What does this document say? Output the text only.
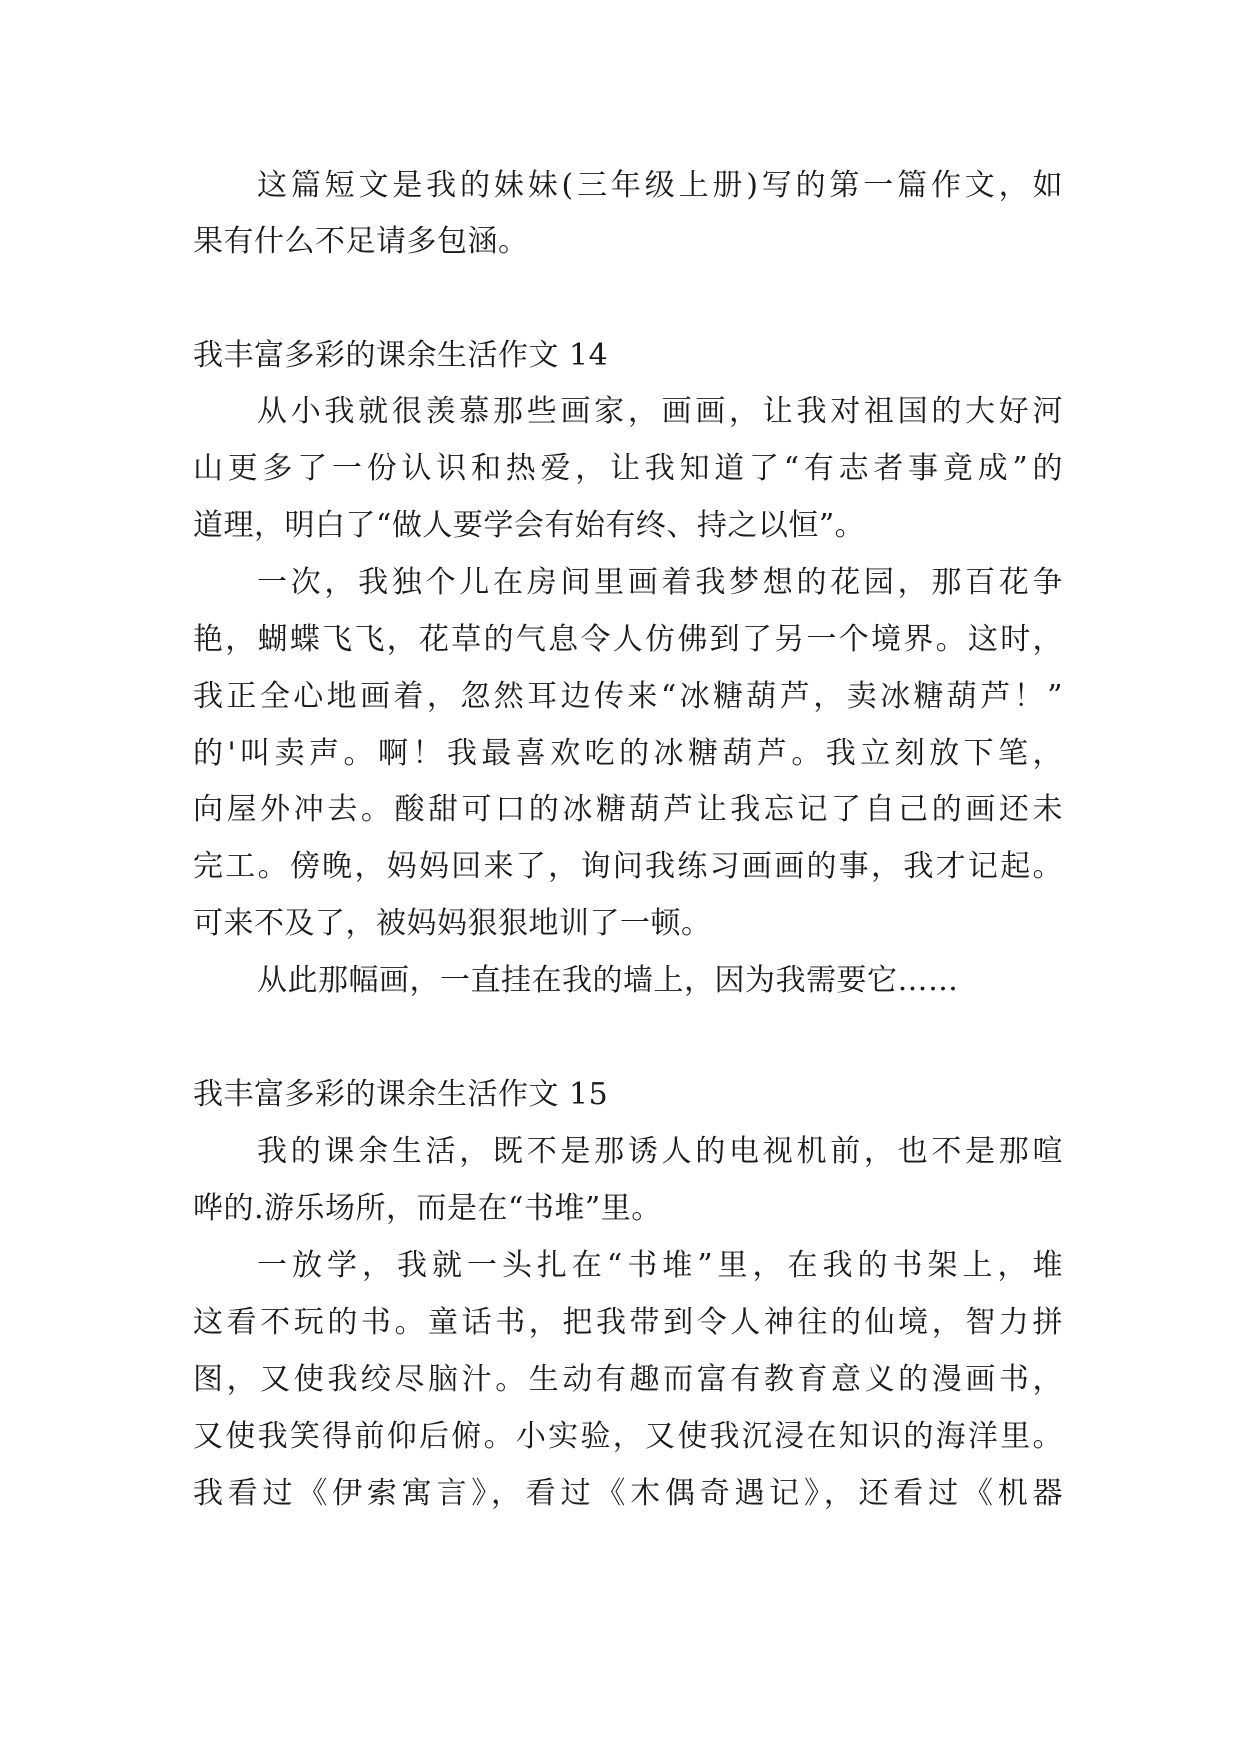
这篇短文是我的妹妹(三年级上册)写的第一篇作文，如
果有什么不足请多包涵。
我丰富多彩的课余生活作文 14
从小我就很羡慕那些画家，画画，让我对祖国的大好河
山更多了一份认识和热爱，让我知道了“有志者事竟成”的
道理，明白了“做人要学会有始有终、持之以恒”。
一次，我独个儿在房间里画着我梦想的花园，那百花争
艳，蝴蝶飞飞，花草的气息令人仿佛到了另一个境界。这时，
我正全心地画着，忽然耳边传来“冰糖葫芦，卖冰糖葫芦！”
的'叫卖声。啊！我最喜欢吃的冰糖葫芦。我立刻放下笔，
向屋外冲去。酸甜可口的冰糖葫芦让我忘记了自己的画还未
完工。傍晚，妈妈回来了，询问我练习画画的事，我才记起。
可来不及了，被妈妈狠狠地训了一顿。
从此那幅画，一直挂在我的墙上，因为我需要它……
我丰富多彩的课余生活作文 15
我的课余生活，既不是那诱人的电视机前，也不是那喧
哗的.游乐场所，而是在“书堆”里。
一放学，我就一头扎在“书堆”里，在我的书架上，堆
这看不玩的书。童话书，把我带到令人神往的仙境，智力拼
图，又使我绞尽脑汁。生动有趣而富有教育意义的漫画书，
又使我笑得前仰后俯。小实验，又使我沉浸在知识的海洋里。
我看过《伊索寓言》，看过《木偶奇遇记》，还看过《机器
